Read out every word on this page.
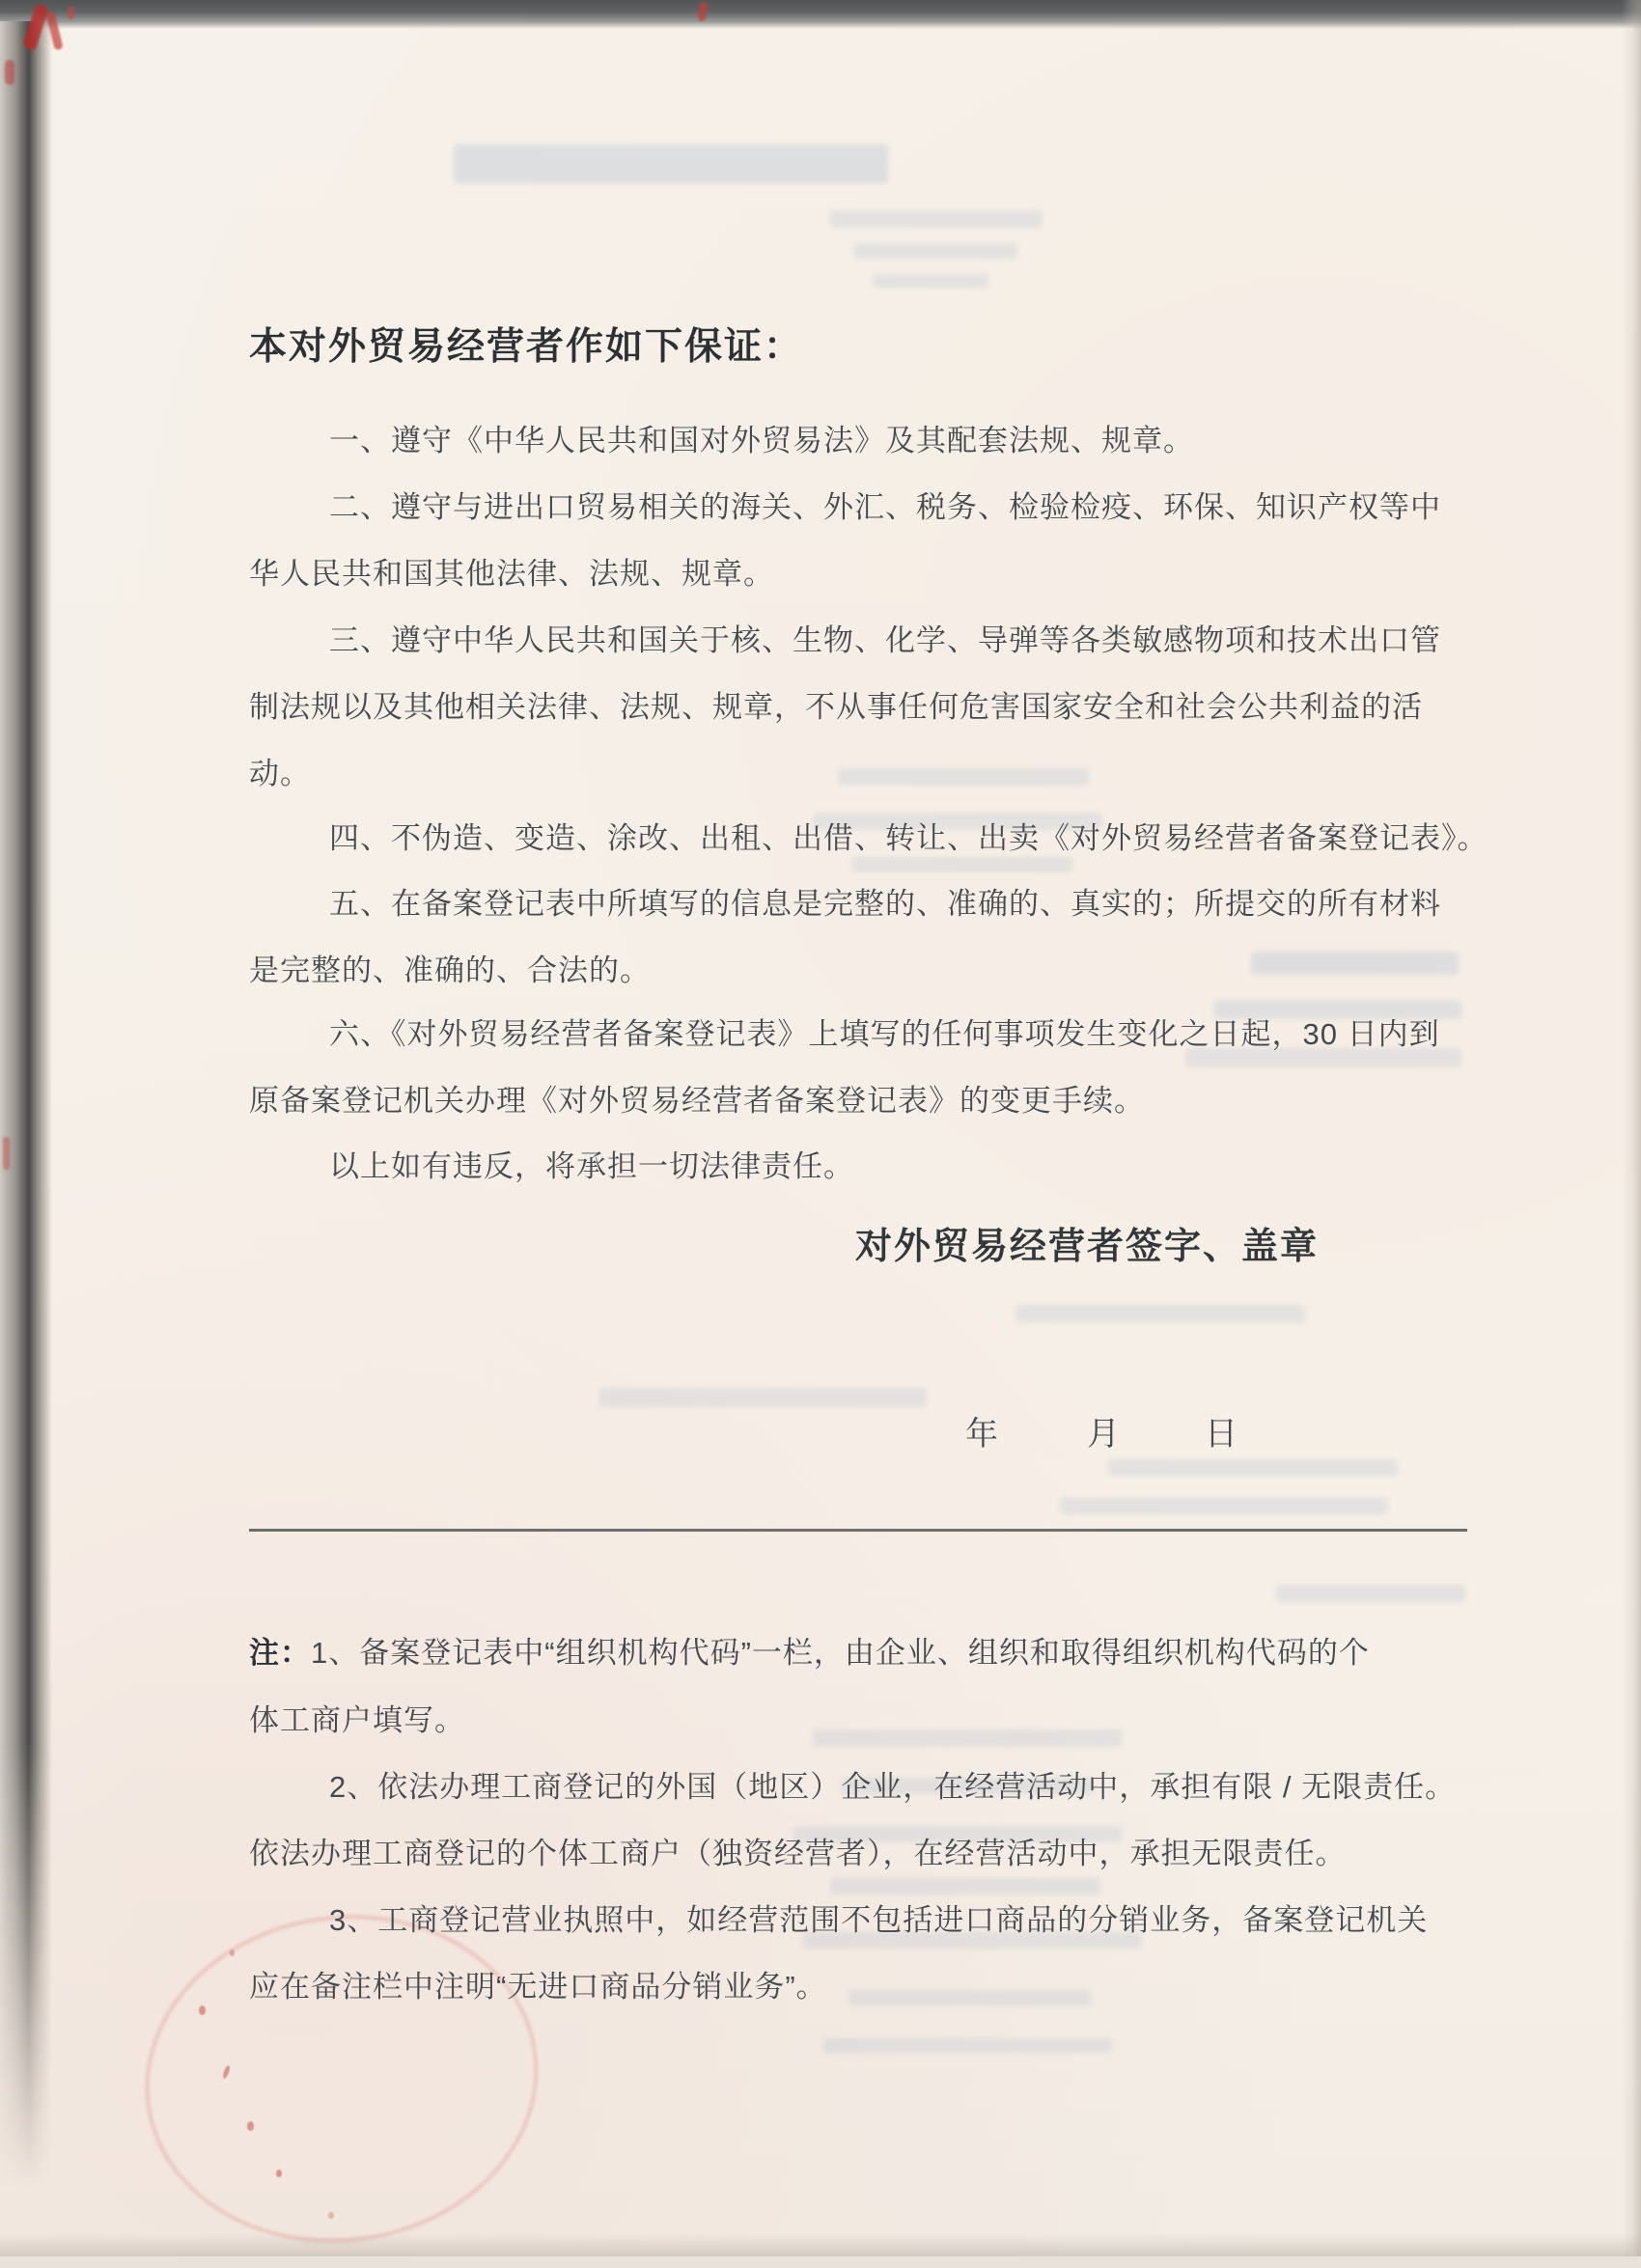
本对外贸易经营者作如下保证：
一、遵守《中华人民共和国对外贸易法》及其配套法规、规章。
二、遵守与进出口贸易相关的海关、外汇、税务、检验检疫、环保、知识产权等中
华人民共和国其他法律、法规、规章。
三、遵守中华人民共和国关于核、生物、化学、导弹等各类敏感物项和技术出口管
制法规以及其他相关法律、法规、规章，不从事任何危害国家安全和社会公共利益的活
动。
四、不伪造、变造、涂改、出租、出借、转让、出卖《对外贸易经营者备案登记表》。
五、在备案登记表中所填写的信息是完整的、准确的、真实的；所提交的所有材料
是完整的、准确的、合法的。
六、《对外贸易经营者备案登记表》上填写的任何事项发生变化之日起，30 日内到
原备案登记机关办理《对外贸易经营者备案登记表》的变更手续。
以上如有违反，将承担一切法律责任。
对外贸易经营者签字、盖章
年	月	日
注： 1、备案登记表中“组织机构代码”一栏，由企业、组织和取得组织机构代码的个
体工商户填写。
2、依法办理工商登记的外国（地区）企业，在经营活动中，承担有限 / 无限责任。
依法办理工商登记的个体工商户（独资经营者），在经营活动中，承担无限责任。
3、工商登记营业执照中，如经营范围不包括进口商品的分销业务，备案登记机关
应在备注栏中注明“无进口商品分销业务”。
